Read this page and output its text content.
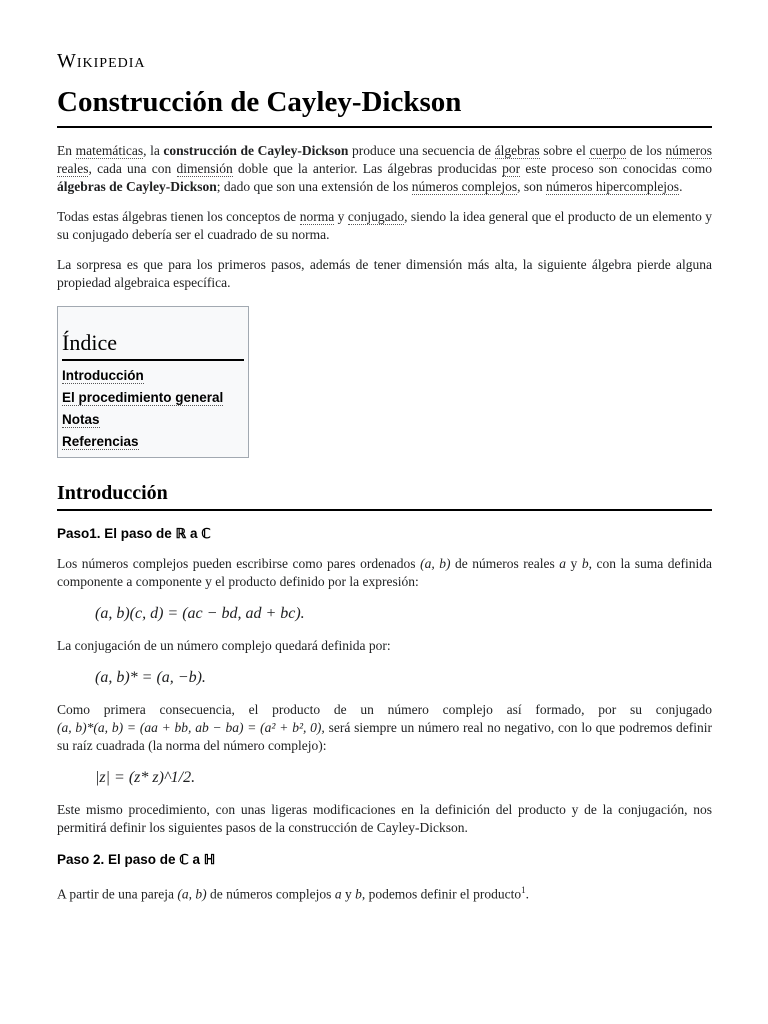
Wikipedia
Construcción de Cayley-Dickson

En matemáticas, la construcción de Cayley-Dickson produce una secuencia de álgebras sobre el cuerpo de los números reales, cada una con dimensión doble que la anterior. Las álgebras producidas por este proceso son conocidas como álgebras de Cayley-Dickson; dado que son una extensión de los números complejos, son números hipercomplejos.

Todas estas álgebras tienen los conceptos de norma y conjugado, siendo la idea general que el producto de un elemento y su conjugado debería ser el cuadrado de su norma.

La sorpresa es que para los primeros pasos, además de tener dimensión más alta, la siguiente álgebra pierde alguna propiedad algebraica específica.

Índice
Introducción
El procedimiento general
Notas
Referencias
Introducción
Paso1. El paso de ℝ a ℂ

Los números complejos pueden escribirse como pares ordenados (a, b) de números reales a y b, con la suma definida componente a componente y el producto definido por la expresión:

(a, b)(c, d) = (ac − bd, ad + bc).

La conjugación de un número complejo quedará definida por:

(a, b)* = (a, −b).

Como primera consecuencia, el producto de un número complejo así formado, por su conjugado (a, b)*(a, b) = (aa + bb, ab − ba) = (a² + b², 0), será siempre un número real no negativo, con lo que podremos definir su raíz cuadrada (la norma del número complejo):

|z| = (z* z)^1/2.

Este mismo procedimiento, con unas ligeras modificaciones en la definición del producto y de la conjugación, nos permitirá definir los siguientes pasos de la construcción de Cayley-Dickson.

Paso 2. El paso de ℂ a ℍ

A partir de una pareja (a, b) de números complejos a y b, podemos definir el producto$^1$.
